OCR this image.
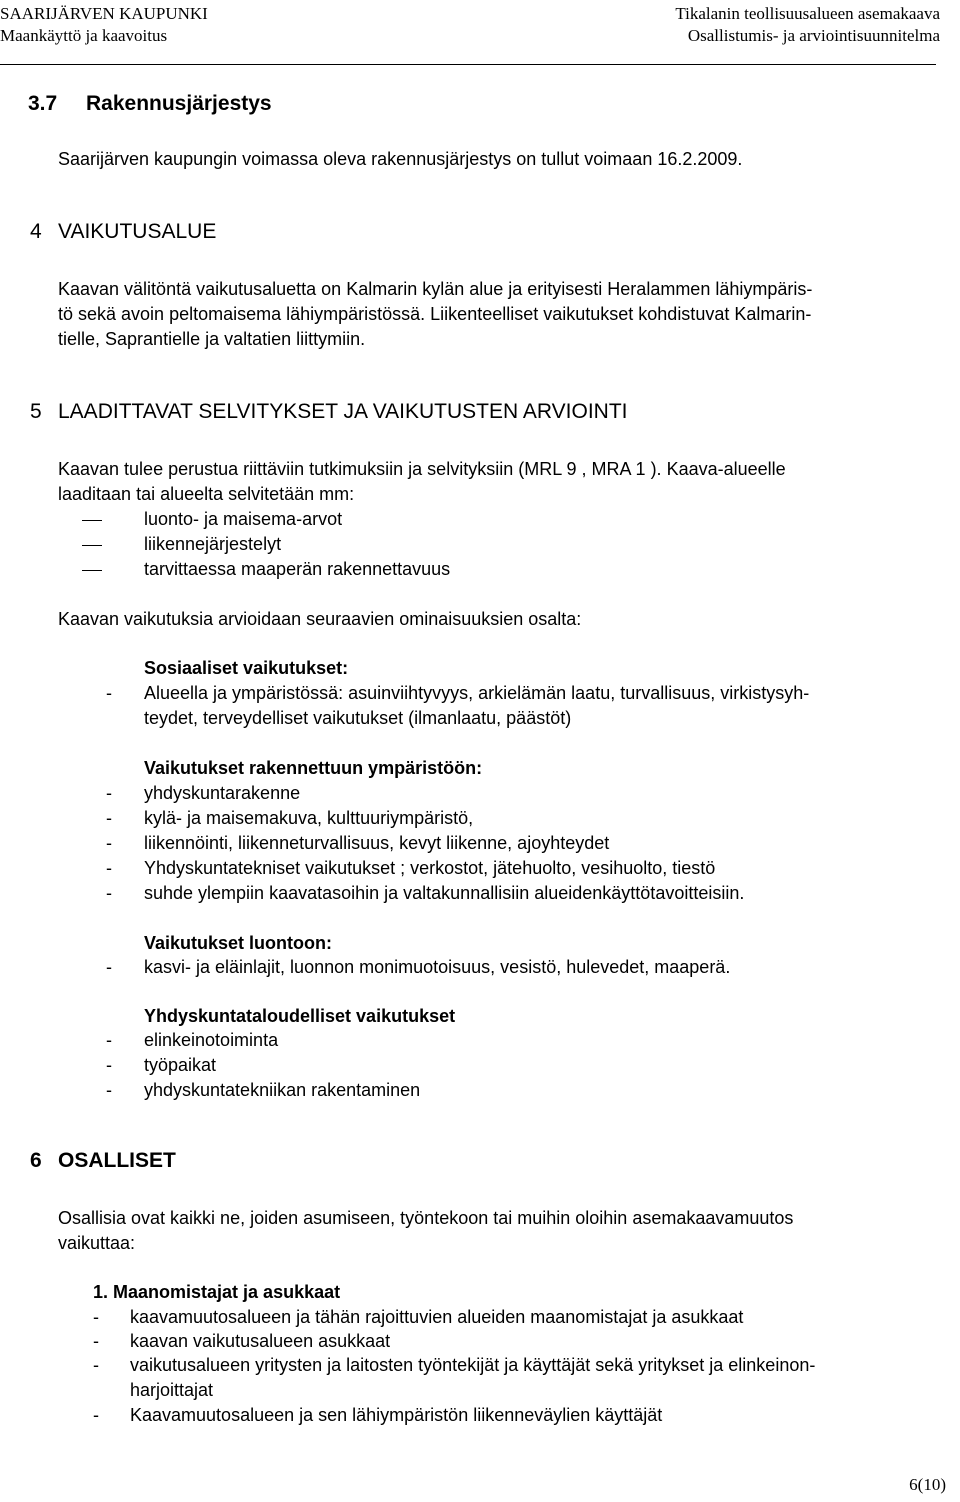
SAARIJÄRVEN KAUPUNKI
Maankäyttö ja kaavoitus
Tikalanin teollisuusalueen asemakaava
Osallistumis- ja arviointisuunnitelma
3.7 Rakennusjärjestys
Saarijärven kaupungin voimassa oleva rakennusjärjestys on tullut voimaan 16.2.2009.
4 VAIKUTUSALUE
Kaavan välitöntä vaikutusaluetta on Kalmarin kylän alue ja erityisesti Heralammen lähiympäris-
tö sekä avoin peltomaisema lähiympäristössä. Liikenteelliset vaikutukset kohdistuvat Kalmarin-
tielle, Saprantielle ja valtatien liittymiin.
5 LAADITTAVAT SELVITYKSET JA VAIKUTUSTEN ARVIOINTI
Kaavan tulee perustua riittäviin tutkimuksiin ja selvityksiin (MRL 9 , MRA 1 ). Kaava-alueelle
laaditaan tai alueelta selvitetään mm:
luonto- ja maisema-arvot
liikennejärjestelyt
tarvittaessa maaperän rakennettavuus
Kaavan vaikutuksia arvioidaan seuraavien ominaisuuksien osalta:
Sosiaaliset vaikutukset:
- Alueella ja ympäristössä: asuinviihtyvyys, arkielämän laatu, turvallisuus, virkistysyh-
teydet, terveydelliset vaikutukset (ilmanlaatu, päästöt)
Vaikutukset rakennettuun ympäristöön:
yhdyskuntarakenne
-
kylä- ja maisemakuva, kulttuuriympäristö,
-
liikennöinti, liikenneturvallisuus, kevyt liikenne, ajoyhteydet
-
Yhdyskuntatekniset vaikutukset ; verkostot, jätehuolto, vesihuolto, tiestö
-
suhde ylempiin kaavatasoihin ja valtakunnallisiin alueidenkäyttötavoitteisiin.
-
Vaikutukset luontoon:
- kasvi- ja eläinlajit, luonnon monimuotoisuus, vesistö, hulevedet, maaperä.
Yhdyskuntataloudelliset vaikutukset
- elinkeinotoiminta
- työpaikat
- yhdyskuntatekniikan rakentaminen
6 OSALLISET
Osallisia ovat kaikki ne, joiden asumiseen, työntekoon tai muihin oloihin asemakaavamuutos
vaikuttaa:
1. Maanomistajat ja asukkaat
- kaavamuutosalueen ja tähän rajoittuvien alueiden maanomistajat ja asukkaat
- kaavan vaikutusalueen asukkaat
- vaikutusalueen yritysten ja laitosten työntekijät ja käyttäjät sekä yritykset ja elinkeinon-
harjoittajat
- Kaavamuutosalueen ja sen lähiympäristön liikenneväylien käyttäjät
6(10)
